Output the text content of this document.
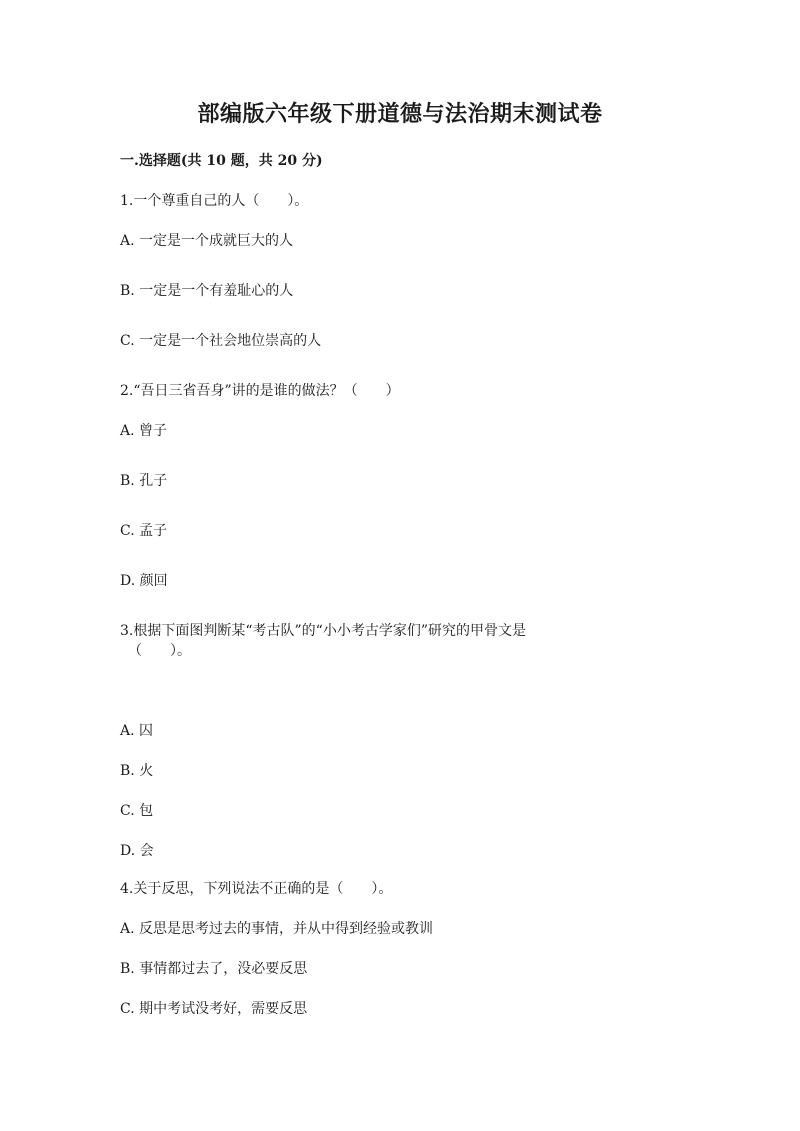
部编版六年级下册道德与法治期末测试卷
一.选择题(共 10 题，共 20 分)
1.一个尊重自己的人（　　）。
A. 一定是一个成就巨大的人
B. 一定是一个有羞耻心的人
C. 一定是一个社会地位崇高的人
2.“吾日三省吾身”讲的是谁的做法？（　　）
A. 曾子
B. 孔子
C. 孟子
D. 颜回
3.根据下面图判断某“考古队”的“小小考古学家们”研究的甲骨文是
（　　）。
A. 囚
B. 火
C. 包
D. 会
4.关于反思，下列说法不正确的是（　　）。
A. 反思是思考过去的事情，并从中得到经验或教训
B. 事情都过去了，没必要反思
C. 期中考试没考好，需要反思
